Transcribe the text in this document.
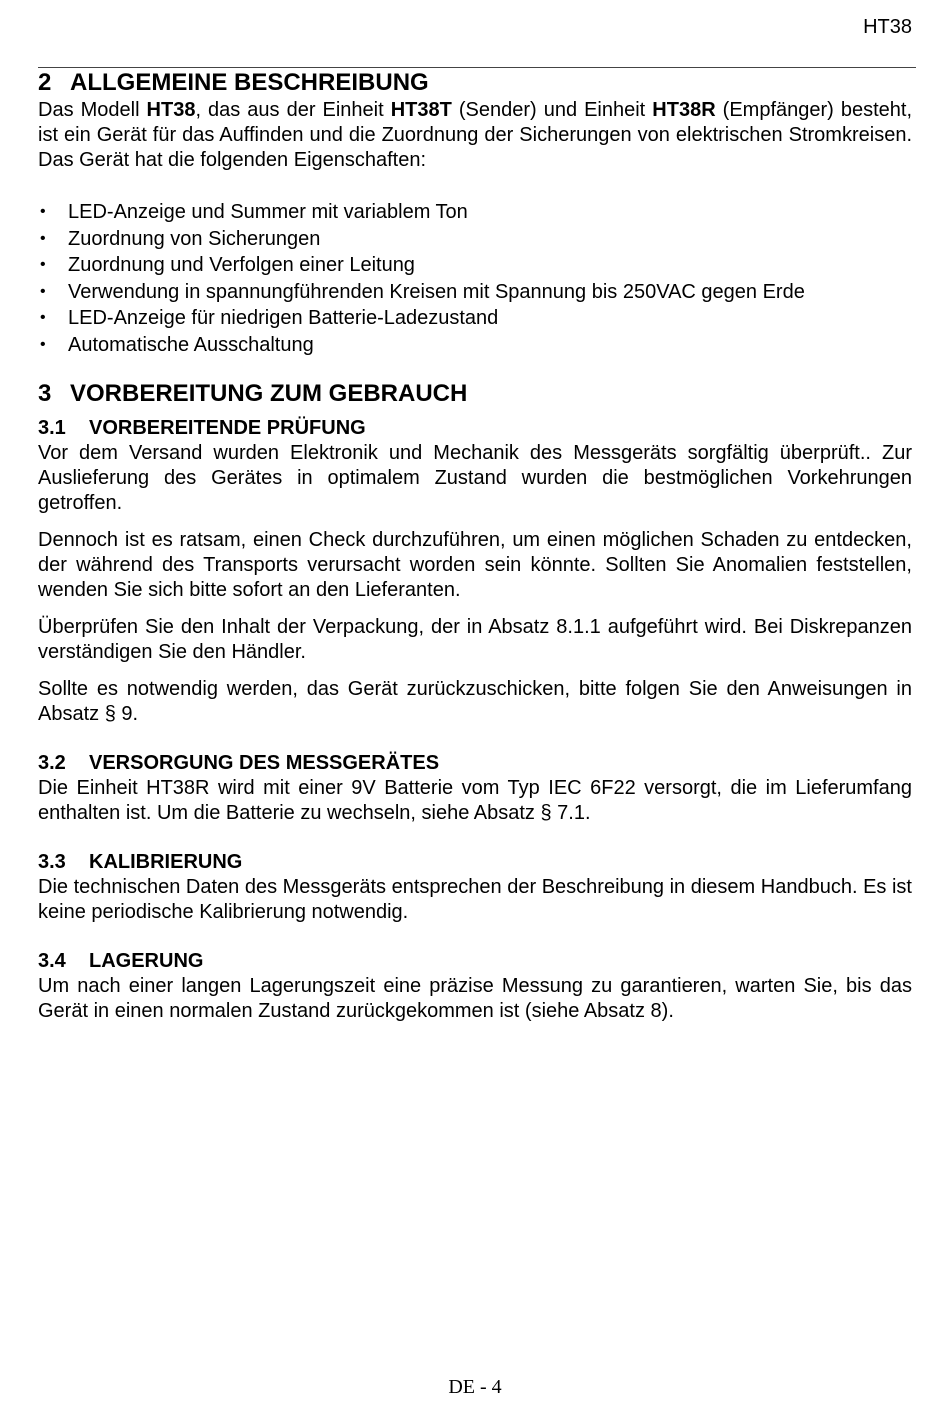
HT38
2 ALLGEMEINE BESCHREIBUNG

Das Modell HT38, das aus der Einheit HT38T (Sender) und Einheit HT38R (Empfänger) besteht, ist ein Gerät für das Auffinden und die Zuordnung der Sicherungen von elektrischen Stromkreisen. Das Gerät hat die folgenden Eigenschaften:

• LED-Anzeige und Summer mit variablem Ton
• Zuordnung von Sicherungen
• Zuordnung und Verfolgen einer Leitung
• Verwendung in spannungführenden Kreisen mit Spannung bis 250VAC gegen Erde
• LED-Anzeige für niedrigen Batterie-Ladezustand
• Automatische Ausschaltung
3 VORBEREITUNG ZUM GEBRAUCH
3.1 VORBEREITENDE PRÜFUNG

Vor dem Versand wurden Elektronik und Mechanik des Messgeräts sorgfältig überprüft.. Zur Auslieferung des Gerätes in optimalem Zustand wurden die bestmöglichen Vorkehrungen getroffen.

Dennoch ist es ratsam, einen Check durchzuführen, um einen möglichen Schaden zu entdecken, der während des Transports verursacht worden sein könnte. Sollten Sie Anomalien feststellen, wenden Sie sich bitte sofort an den Lieferanten.

Überprüfen Sie den Inhalt der Verpackung, der in Absatz 8.1.1 aufgeführt wird. Bei Diskrepanzen verständigen Sie den Händler.

Sollte es notwendig werden, das Gerät zurückzuschicken, bitte folgen Sie den Anweisungen in Absatz § 9.

3.2 VERSORGUNG DES MESSGERÄTES

Die Einheit HT38R wird mit einer 9V Batterie vom Typ IEC 6F22 versorgt, die im Lieferumfang enthalten ist. Um die Batterie zu wechseln, siehe Absatz § 7.1.

3.3 KALIBRIERUNG

Die technischen Daten des Messgeräts entsprechen der Beschreibung in diesem Handbuch. Es ist keine periodische Kalibrierung notwendig.

3.4 LAGERUNG

Um nach einer langen Lagerungszeit eine präzise Messung zu garantieren, warten Sie, bis das Gerät in einen normalen Zustand zurückgekommen ist (siehe Absatz 8).

DE - 4
